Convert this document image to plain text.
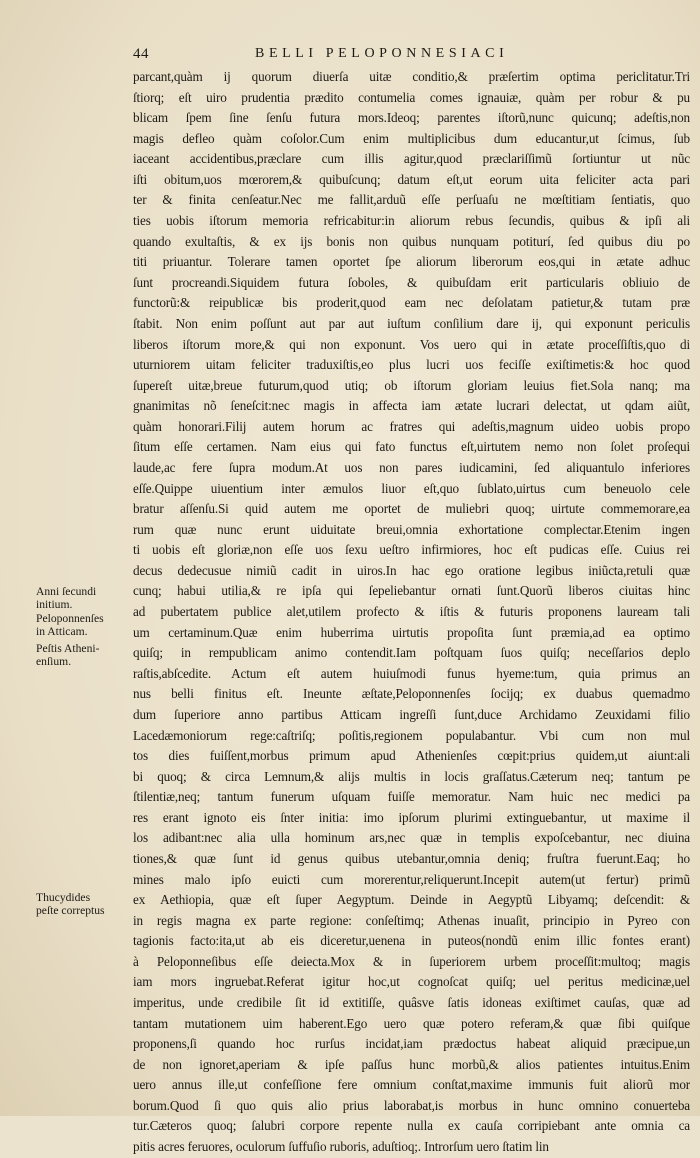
44	BELLI PELOPONNESIACI
parcant,quàm ij quorum diuerſa uitæ conditio,& præſertim optima periclitatur.Tri
ſtiorq; eſt uiro prudentia prædito contumelia comes ignauiæ, quàm per robur & pu
blicam ſpem ſine ſenſu futura mors.Ideoq; parentes iſtorũ,nunc quicunq; adeſtis,non
magis defleo quàm coſolor.Cum enim multiplicibus dum educantur,ut ſcimus, ſub
iaceant accidentibus,præclare cum illis agitur,quod præclariſſimũ ſortiuntur ut nũc
iſti obitum,uos mœrorem,& quibuſcunq; datum eſt,ut eorum uita feliciter acta pari
ter & finita cenſeatur.Nec me fallit,arduũ eſſe perſuaſu ne mœſtitiam ſentiatis, quo
ties uobis iſtorum memoria refricabitur:in aliorum rebus ſecundis, quibus & ipſi ali
quando exultaſtis, & ex ijs bonis non quibus nunquam potiturí, ſed quibus diu po
titi priuantur. Tolerare tamen oportet ſpe aliorum liberorum eos,qui in ætate adhuc
ſunt procreandi.Siquidem futura ſoboles, & quibuſdam erit particularis obliuio de
functorũ:& reipublicæ bis proderit,quod eam nec deſolatam patietur,& tutam præ
ſtabit. Non enim poſſunt aut par aut iuſtum conſilium dare ij, qui exponunt periculis
liberos iſtorum more,& qui non exponunt. Vos uero qui in ætate proceſſiſtis,quo di
uturniorem uitam feliciter traduxiſtis,eo plus lucri uos feciſſe exiſtimetis:& hoc quod
ſupereſt uitæ,breue futurum,quod utiq; ob iſtorum gloriam leuius fiet.Sola nanq; ma
gnanimitas nõ ſeneſcit:nec magis in affecta iam ætate lucrari delectat, ut qdam aiũt,
quàm honorari.Filij autem horum ac fratres qui adeſtis,magnum uideo uobis propo
ſitum eſſe certamen. Nam eius qui fato functus eſt,uirtutem nemo non ſolet proſequi
laude,ac fere ſupra modum.At uos non pares iudicamini, ſed aliquantulo inferiores
eſſe.Quippe uiuentium inter æmulos liuor eſt,quo ſublato,uirtus cum beneuolo cele
bratur aſſenſu.Si quid autem me oportet de muliebri quoq; uirtute commemorare,ea
rum quæ nunc erunt uiduitate breui,omnia exhortatione complectar.Etenim ingen
ti uobis eſt gloriæ,non eſſe uos ſexu ueſtro infirmiores, hoc eſt pudicas eſſe. Cuius rei
decus dedecusue nimiũ cadit in uiros.In hac ego oratione legibus iniũcta,retuli quæ
cunq; habui utilia,& re ipſa qui ſepeliebantur ornati ſunt.Quorũ liberos ciuitas hinc
ad pubertatem publice alet,utilem profecto & iſtis & futuris proponens lauream tali
um certaminum.Quæ enim huberrima uirtutis propoſita ſunt præmia,ad ea optimo
quiſq; in rempublicam animo contendit.Iam poſtquam ſuos quiſq; neceſſarios deplo
raſtis,abſcedite. Actum eſt autem huiuſmodi funus hyeme:tum, quia primus an
nus belli finitus eſt. Ineunte æſtate,Peloponnenſes ſocijq; ex duabus quemadmo
dum ſuperiore anno partibus Atticam ingreſſi ſunt,duce Archidamo Zeuxidami filio
Lacedæmoniorum rege:caſtriſq; poſitis,regionem populabantur. Vbi cum non mul
tos dies fuiſſent,morbus primum apud Athenienſes cœpit:prius quidem,ut aiunt:ali
bi quoq; & circa Lemnum,& alijs multis in locis graſſatus.Cæterum neq; tantum pe
ſtilentiæ,neq; tantum funerum uſquam fuiſſe memoratur. Nam huic nec medici pa
res erant ignoto eis ſnter initia: imo ipſorum plurimi extinguebantur, ut maxime il
los adibant:nec alia ulla hominum ars,nec quæ in templis expoſcebantur, nec diuina
tiones,& quæ ſunt id genus quibus utebantur,omnia deniq; fruſtra fuerunt.Eaq; ho
mines malo ipſo euicti cum morerentur,reliquerunt.Incepit autem(ut fertur) primũ
ex Aethiopia, quæ eſt ſuper Aegyptum. Deinde in Aegyptũ Libyamq; deſcendit: &
in regis magna ex parte regione: conſeſtimq; Athenas inuaſit, principio in Pyreo con
tagionis facto:ita,ut ab eis diceretur,uenena in puteos(nondũ enim illic fontes erant)
à Peloponneſibus eſſe deiecta.Mox & in ſuperiorem urbem proceſſit:multoq; magis
iam mors ingruebat.Referat igitur hoc,ut cognoſcat quiſq; uel peritus medicinæ,uel
imperitus, unde credibile ſit id extitiſſe, quâsve ſatis idoneas exiſtimet cauſas, quæ ad
tantam mutationem uim haberent.Ego uero quæ potero referam,& quæ ſibi quiſque
proponens,ſi quando hoc rurſus incidat,iam prædoctus habeat aliquid præcipue,un
de non ignoret,aperiam & ipſe paſſus hunc morbũ,& alios patientes intuitus.Enim
uero annus ille,ut confeſſione fere omnium conſtat,maxime immunis fuit aliorũ mor
borum.Quod ſi quo quis alio prius laborabat,is morbus in hunc omnino conuerteba
tur.Cæteros quoq; ſalubri corpore repente nulla ex cauſa corripiebant ante omnia ca
pitis acres feruores, oculorum ſuffuſio ruboris, aduſtioq;. Introrſum uero ſtatim lin
Anni ſecundi
initium.
Peloponnenſes
in Atticam.
Peſtis Atheni-
enſium.
Thucydides
peſte correptus
